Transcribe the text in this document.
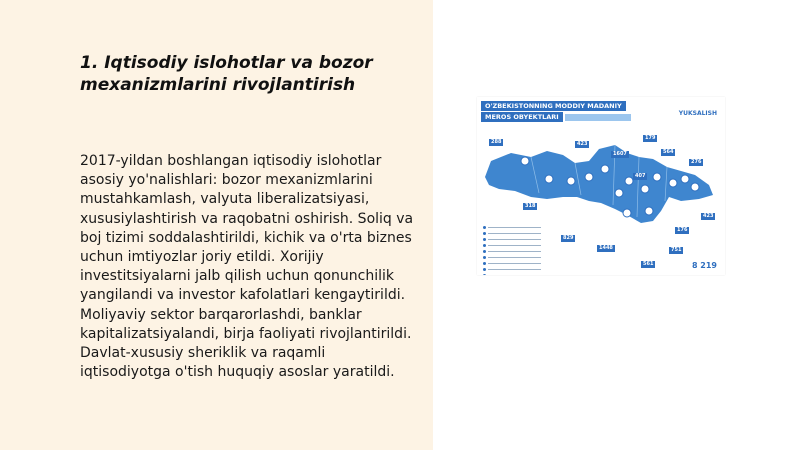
1. Iqtisodiy islohotlar va bozor mexanizmlarini rivojlantirish

2017-yildan boshlangan iqtisodiy islohotlar asosiy yo'nalishlari: bozor mexanizmlarini mustahkamlash, valyuta liberalizatsiyasi, xususiylashtirish va raqobatni oshirish. Soliq va boj tizimi soddalashtirildi, kichik va o'rta biznes uchun imtiyozlar joriy etildi. Xorijiy investitsiyalarni jalb qilish uchun qonunchilik yangilandi va investor kafolatlari kengaytirildi. Moliyaviy sektor barqarorlashdi, banklar kapitalizatsiyalandi, birja faoliyati rivojlantirildi. Davlat-xususiy sheriklik va raqamli iqtisodiyotga o'tish huquqiy asoslar yaratildi.

O'ZBEKISTONNING MODDIY MADANIY
MEROS OBYEKTLARI	YUKSALISH
288	423
1607
179
564
276
407
423
318
829
1448
561
751
176
8 219
